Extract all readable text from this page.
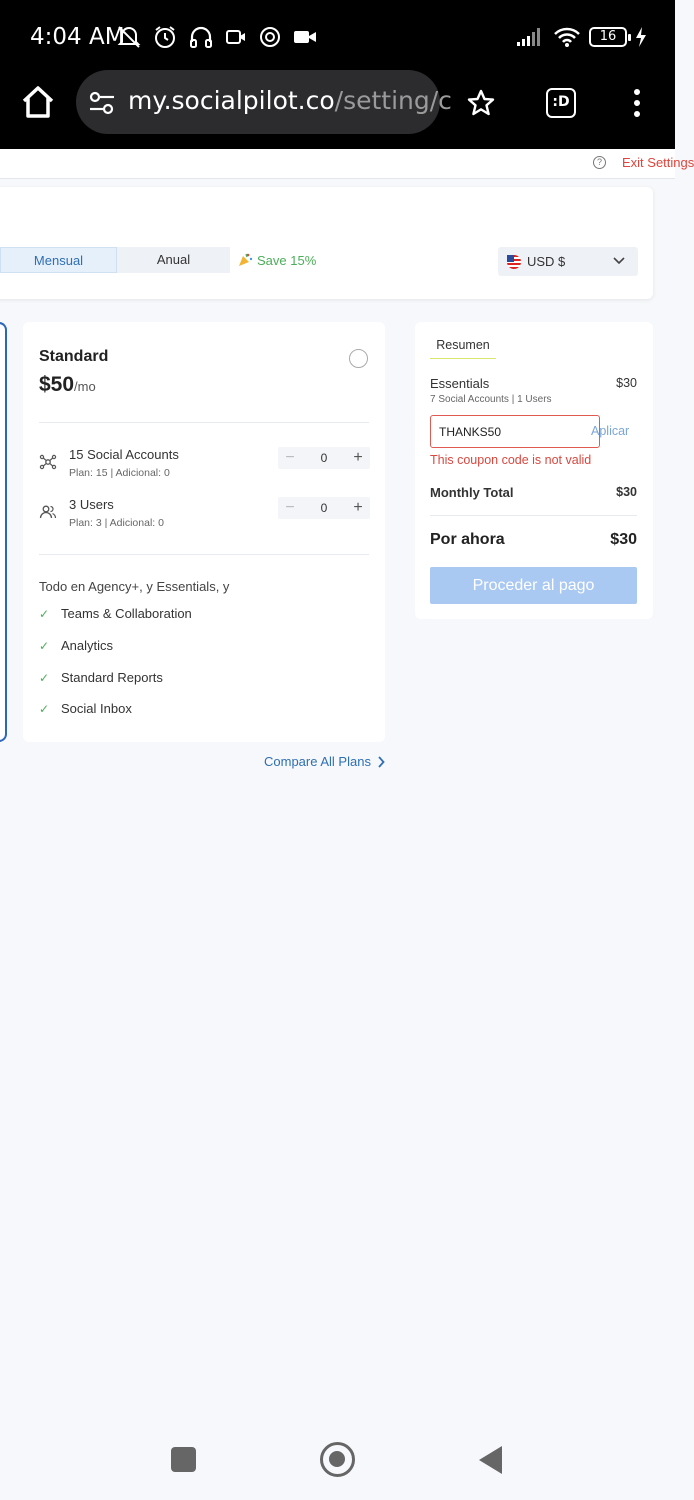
4:04 AM	16
my.socialpilot.co/setting/c	:D
?	Exit Settings
Mensual	Anual	Save 15%	USD $
Standard
$50/mo
15 Social Accounts
Plan: 15 | Adicional: 0
−	0	+
3 Users
Plan: 3 | Adicional: 0
−	0	+
Todo en Agency+, y Essentials, y
✓ Teams & Collaboration
✓ Analytics
✓ Standard Reports
✓ Social Inbox
Compare All Plans
Resumen
Essentials	$30
7 Social Accounts | 1 Users
THANKS50
Aplicar
This coupon code is not valid
Monthly Total	$30
Por ahora	$30
Proceder al pago
